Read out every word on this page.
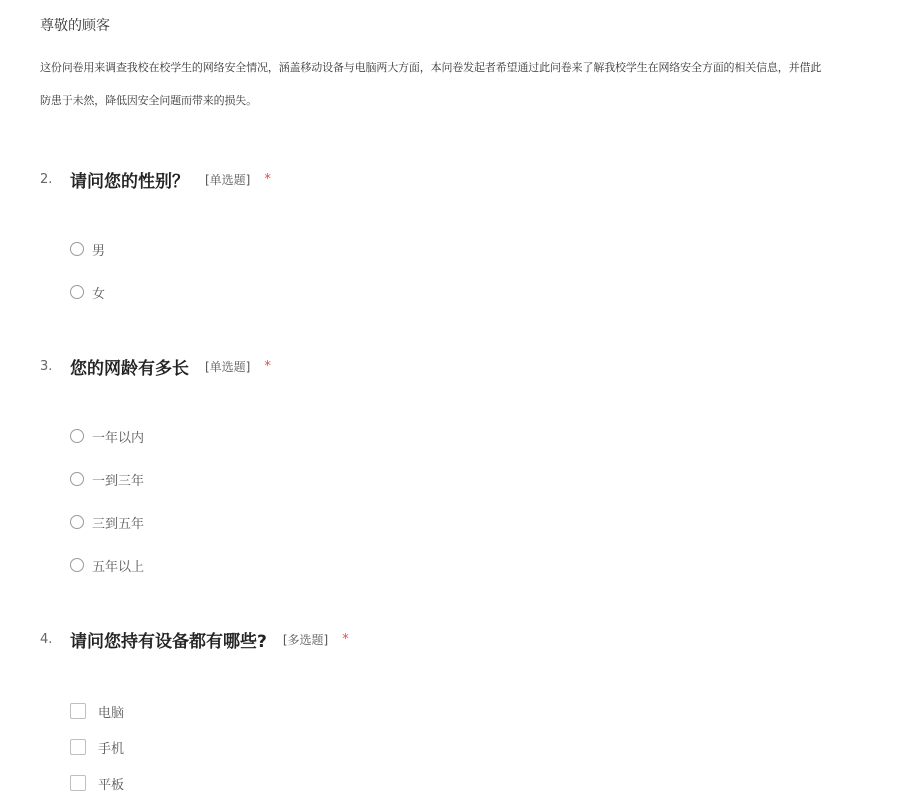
尊敬的顾客
这份问卷用来调查我校在校学生的网络安全情况，涵盖移动设备与电脑两大方面，本问卷发起者希望通过此问卷来了解我校学生在网络安全方面的相关信息，并借此
防患于未然，降低因安全问题而带来的损失。
2.	请问您的性别？ [单选题] *
男
女
3.	您的网龄有多长 [单选题] *
一年以内
一到三年
三到五年
五年以上
4.	请问您持有设备都有哪些? [多选题] *
电脑
手机
平板
